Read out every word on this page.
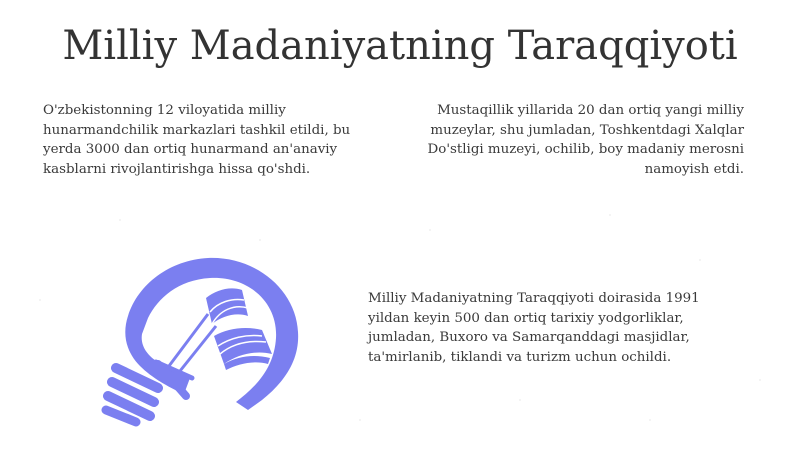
Milliy Madaniyatning Taraqqiyoti
O'zbekistonning 12 viloyatida milliy hunarmandchilik markazlari tashkil etildi, bu yerda 3000 dan ortiq hunarmand an'anaviy kasblarni rivojlantirishga hissa qo'shdi.
Mustaqillik yillarida 20 dan ortiq yangi milliy muzeylar, shu jumladan, Toshkentdagi Xalqlar Do'stligi muzeyi, ochilib, boy madaniy merosni namoyish etdi.
Milliy Madaniyatning Taraqqiyoti doirasida 1991 yildan keyin 500 dan ortiq tarixiy yodgorliklar, jumladan, Buxoro va Samarqanddagi masjidlar, ta'mirlanib, tiklandi va turizm uchun ochildi.
